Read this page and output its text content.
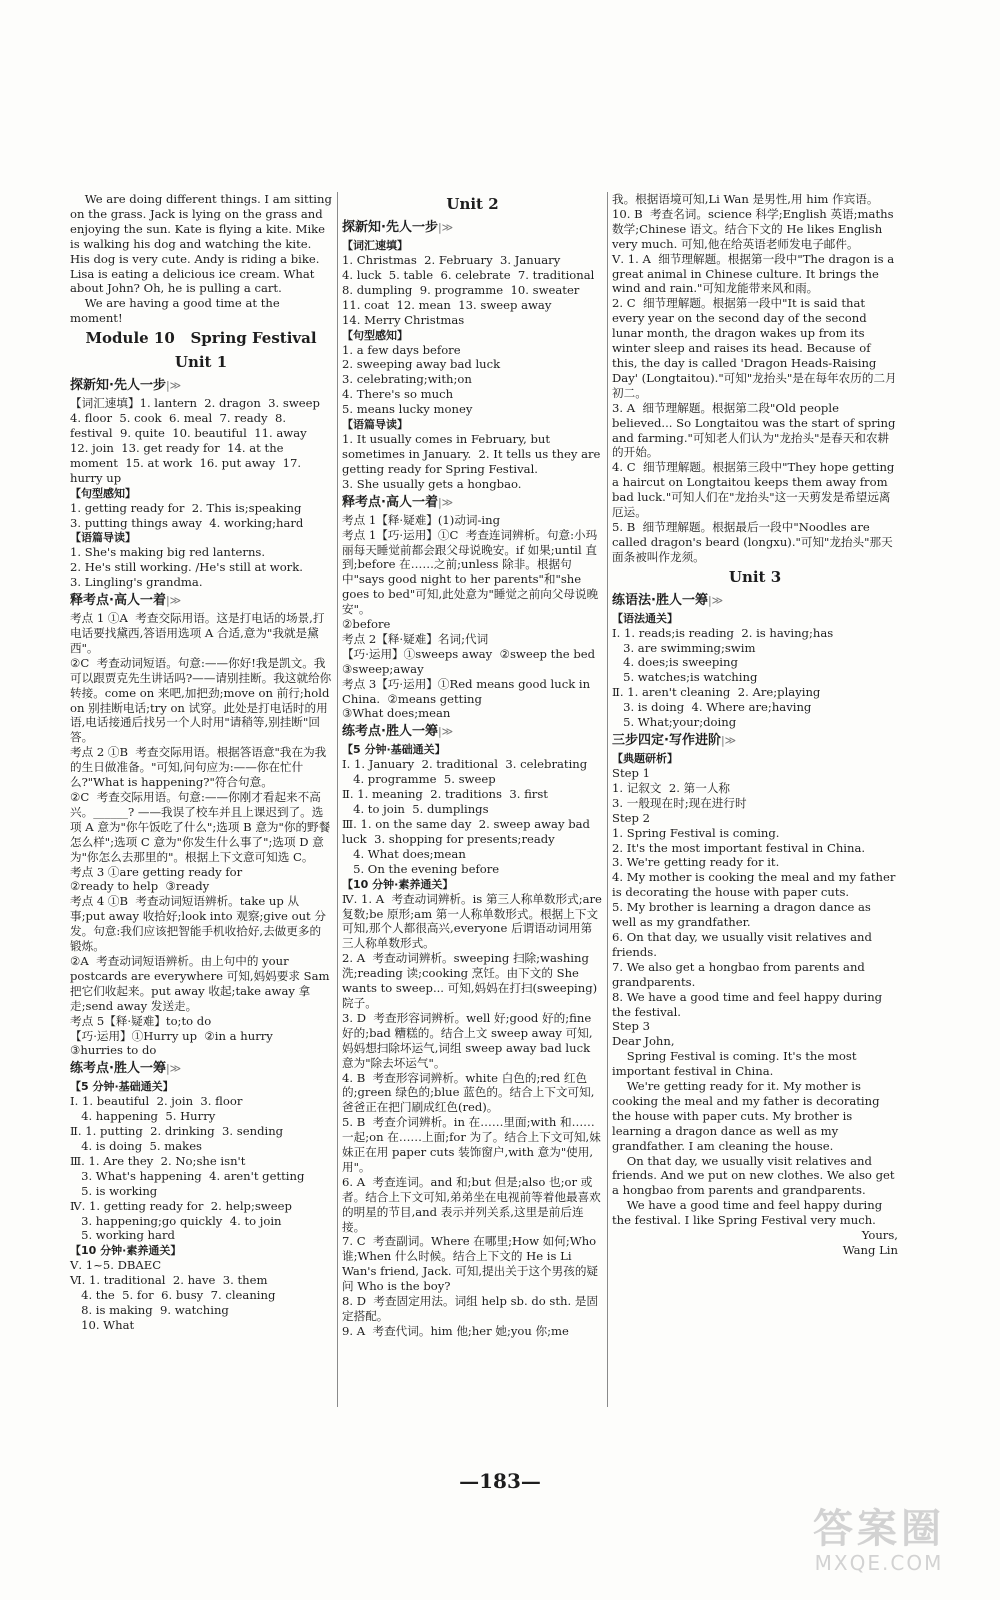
We are doing different things. I am sitting on the grass. Jack is lying on the grass and enjoying the sun. Kate is flying a kite. Mike is walking his dog and watching the kite. His dog is very cute. Andy is riding a bike. Lisa is eating a delicious ice cream. What about John? Oh, he is pulling a cart.
We are having a good time at the moment!
Module 10   Spring Festival
Unit 1
探新知·先人一步|≫
【词汇速填】1. lantern  2. dragon  3. sweep  4. floor  5. cook  6. meal  7. ready  8. festival  9. quite  10. beautiful  11. away  12. join  13. get ready for  14. at the moment  15. at work  16. put away  17. hurry up
【句型感知】
1. getting ready for  2. This is;speaking
3. putting things away  4. working;hard
【语篇导读】
1. She's making big red lanterns.
2. He's still working. /He's still at work.
3. Lingling's grandma.
释考点·高人一着|≫
考点 1 ①A  考查交际用语。这是打电话的场景,打电话要找黛西,答语用选项 A 合适,意为"我就是黛西"。
②C  考查动词短语。句意:——你好!我是凯文。我可以跟贾克先生讲话吗?——请别挂断。我这就给你转接。come on 来吧,加把劲;move on 前行;hold on 别挂断电话;try on 试穿。此处是打电话时的用语,电话接通后找另一个人时用"请稍等,别挂断"回答。
考点 2 ①B  考查交际用语。根据答语意"我在为我的生日做准备。"可知,问句应为:——你在忙什么?"What is happening?"符合句意。
②C  考查交际用语。句意:——你刚才看起来不高兴。______? ——我误了校车并且上课迟到了。选项 A 意为"你午饭吃了什么";选项 B 意为"你的野餐怎么样";选项 C 意为"你发生什么事了";选项 D 意为"你怎么去那里的"。根据上下文意可知选 C。
考点 3 ①are getting ready for
②ready to help  ③ready
考点 4 ①B  考查动词短语辨析。take up 从事;put away 收拾好;look into 观察;give out 分发。句意:我们应该把智能手机收拾好,去做更多的锻炼。
②A  考查动词短语辨析。由上句中的 your postcards are everywhere 可知,妈妈要求 Sam 把它们收起来。put away 收起;take away 拿走;send away 发送走。
考点 5【释·疑难】to;to do
【巧·运用】①Hurry up  ②in a hurry
③hurries to do
练考点·胜人一筹|≫
【5 分钟·基础通关】
Ⅰ. 1. beautiful  2. join  3. floor
4. happening  5. Hurry
Ⅱ. 1. putting  2. drinking  3. sending
4. is doing  5. makes
Ⅲ. 1. Are they  2. No;she isn't
3. What's happening  4. aren't getting
5. is working
Ⅳ. 1. getting ready for  2. help;sweep
3. happening;go quickly  4. to join
5. working hard
【10 分钟·素养通关】
Ⅴ. 1~5. DBAEC
Ⅵ. 1. traditional  2. have  3. them
4. the  5. for  6. busy  7. cleaning
8. is making  9. watching
10. What
Unit 2
探新知·先人一步|≫
【词汇速填】
1. Christmas  2. February  3. January
4. luck  5. table  6. celebrate  7. traditional
8. dumpling  9. programme  10. sweater
11. coat  12. mean  13. sweep away
14. Merry Christmas
【句型感知】
1. a few days before
2. sweeping away bad luck
3. celebrating;with;on
4. There's so much
5. means lucky money
【语篇导读】
1. It usually comes in February, but sometimes in January.  2. It tells us they are getting ready for Spring Festival.
3. She usually gets a hongbao.
释考点·高人一着|≫
考点 1【释·疑难】(1)动词-ing
考点 1【巧·运用】①C  考查连词辨析。句意:小玛丽每天睡觉前都会跟父母说晚安。if 如果;until 直到;before 在……之前;unless 除非。根据句中"says good night to her parents"和"she goes to bed"可知,此处意为"睡觉之前向父母说晚安"。
②before
考点 2【释·疑难】名词;代词
【巧·运用】①sweeps away  ②sweep the bed  ③sweep;away
考点 3【巧·运用】①Red means good luck in China.  ②means getting
③What does;mean
练考点·胜人一筹|≫
【5 分钟·基础通关】
Ⅰ. 1. January  2. traditional  3. celebrating
4. programme  5. sweep
Ⅱ. 1. meaning  2. traditions  3. first
4. to join  5. dumplings
Ⅲ. 1. on the same day  2. sweep away bad luck  3. shopping for presents;ready
4. What does;mean
5. On the evening before
【10 分钟·素养通关】
Ⅳ. 1. A  考查动词辨析。is 第三人称单数形式;are 复数;be 原形;am 第一人称单数形式。根据上下文可知,那个人都很高兴,everyone 后谓语动词用第三人称单数形式。
2. A  考查动词辨析。sweeping 扫除;washing 洗;reading 读;cooking 烹饪。由下文的 She wants to sweep... 可知,妈妈在打扫(sweeping)院子。
3. D  考查形容词辨析。well 好;good 好的;fine 好的;bad 糟糕的。结合上文 sweep away 可知,妈妈想扫除坏运气,词组 sweep away bad luck 意为"除去坏运气"。
4. B  考查形容词辨析。white 白色的;red 红色的;green 绿色的;blue 蓝色的。结合上下文可知,爸爸正在把门刷成红色(red)。
5. B  考查介词辨析。in 在……里面;with 和……一起;on 在……上面;for 为了。结合上下文可知,妹妹正在用 paper cuts 装饰窗户,with 意为"使用,用"。
6. A  考查连词。and 和;but 但是;also 也;or 或者。结合上下文可知,弟弟坐在电视前等着他最喜欢的明星的节目,and 表示并列关系,这里是前后连接。
7. C  考查副词。Where 在哪里;How 如何;Who 谁;When 什么时候。结合上下文的 He is Li Wan's friend, Jack. 可知,提出关于这个男孩的疑问 Who is the boy?
8. D  考查固定用法。词组 help sb. do sth. 是固定搭配。
9. A  考查代词。him 他;her 她;you 你;me
我。根据语境可知,Li Wan 是男性,用 him 作宾语。
10. B  考查名词。science 科学;English 英语;maths 数学;Chinese 语文。结合下文的 He likes English very much. 可知,他在给英语老师发电子邮件。
Ⅴ. 1. A  细节理解题。根据第一段中"The dragon is a great animal in Chinese culture. It brings the wind and rain."可知龙能带来风和雨。
2. C  细节理解题。根据第一段中"It is said that every year on the second day of the second lunar month, the dragon wakes up from its winter sleep and raises its head. Because of this, the day is called 'Dragon Heads-Raising Day' (Longtaitou)."可知"龙抬头"是在每年农历的二月初二。
3. A  细节理解题。根据第二段"Old people believed... So Longtaitou was the start of spring and farming."可知老人们认为"龙抬头"是春天和农耕的开始。
4. C  细节理解题。根据第三段中"They hope getting a haircut on Longtaitou keeps them away from bad luck."可知人们在"龙抬头"这一天剪发是希望远离厄运。
5. B  细节理解题。根据最后一段中"Noodles are called dragon's beard (longxu)."可知"龙抬头"那天面条被叫作龙须。
Unit 3
练语法·胜人一筹|≫
【语法通关】
Ⅰ. 1. reads;is reading  2. is having;has
3. are swimming;swim
4. does;is sweeping
5. watches;is watching
Ⅱ. 1. aren't cleaning  2. Are;playing
3. is doing  4. Where are;having
5. What;your;doing
三步四定·写作进阶|≫
【典题研析】
Step 1
1. 记叙文  2. 第一人称
3. 一般现在时;现在进行时
Step 2
1. Spring Festival is coming.
2. It's the most important festival in China.
3. We're getting ready for it.
4. My mother is cooking the meal and my father is decorating the house with paper cuts.
5. My brother is learning a dragon dance as well as my grandfather.
6. On that day, we usually visit relatives and friends.
7. We also get a hongbao from parents and grandparents.
8. We have a good time and feel happy during the festival.
Step 3
Dear John,
Spring Festival is coming. It's the most important festival in China.
We're getting ready for it. My mother is cooking the meal and my father is decorating the house with paper cuts. My brother is learning a dragon dance as well as my grandfather. I am cleaning the house.
On that day, we usually visit relatives and friends. And we put on new clothes. We also get a hongbao from parents and grandparents.
We have a good time and feel happy during the festival. I like Spring Festival very much.
Yours,
Wang Lin
—183—
答案圈
MXQE.COM
